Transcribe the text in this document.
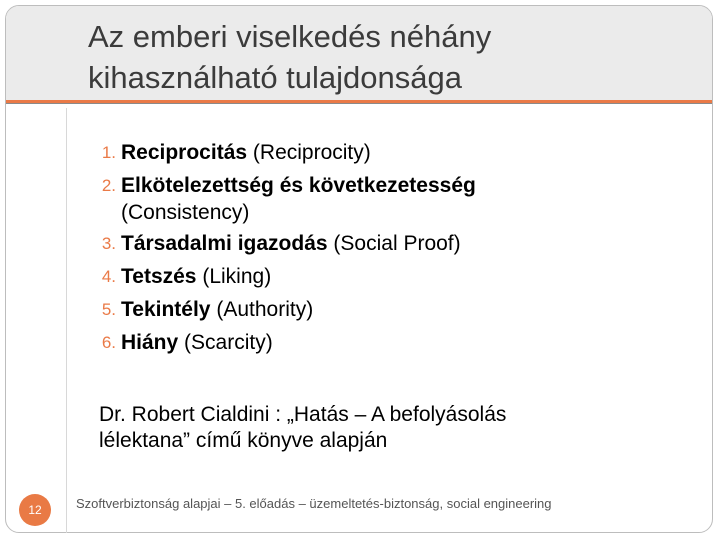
Az emberi viselkedés néhány
kihasználható tulajdonsága
1. Reciprocitás (Reciprocity)
2. Elkötelezettség és következetesség
(Consistency)
3. Társadalmi igazodás (Social Proof)
4. Tetszés (Liking)
5. Tekintély (Authority)
6. Hiány (Scarcity)
Dr. Robert Cialdini : „Hatás – A befolyásolás
lélektana” című könyve alapján
12	Szoftverbiztonság alapjai – 5. előadás – üzemeltetés-biztonság, social engineering
